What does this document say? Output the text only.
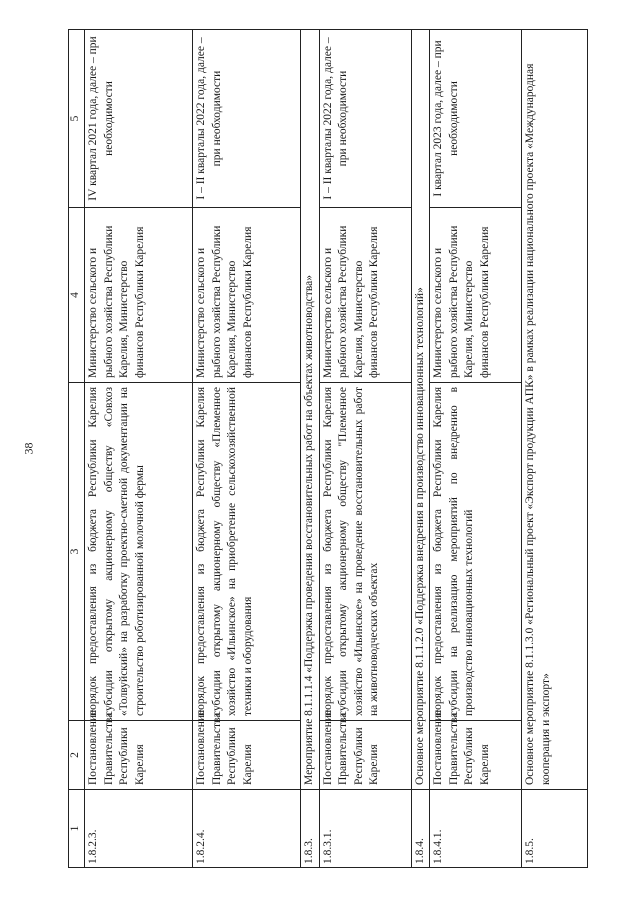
38
1	2	3	4	5
1.8.2.3.	Постановление Правительства Республики Карелия	порядок предоставления из бюджета Республики Карелия субсидии открытому акционерному обществу «Совхоз «Толвуйский» на разработку проектно-сметной документации на строительство роботизированной молочной фермы	Министерство сельского и рыбного хозяйства Республики Карелия, Министерство финансов Республики Карелия	IV квартал 2021 года, далее – при необходимости
1.8.2.4.	Постановление Правительства Республики Карелия	порядок предоставления из бюджета Республики Карелия субсидии открытому акционерному обществу «Племенное хозяйство «Ильинское» на приобретение сельскохозяйственной техники и оборудования	Министерство сельского и рыбного хозяйства Республики Карелия, Министерство финансов Республики Карелия	I – II кварталы 2022 года, далее – при необходимости
1.8.3.	Мероприятие 8.1.1.1.4 «Поддержка проведения восстановительных работ на объектах животноводства»			
1.8.3.1.	Постановление Правительства Республики Карелия	порядок предоставления из бюджета Республики Карелия субсидии открытому акционерному обществу "Племенное хозяйство «Ильинское» на проведение восстановительных работ на животноводческих объектах	Министерство сельского и рыбного хозяйства Республики Карелия, Министерство финансов Республики Карелия	I – II кварталы 2022 года, далее – при необходимости
1.8.4.	Основное мероприятие 8.1.1.2.0 «Поддержка внедрения в производство инновационных технологий»			
1.8.4.1.	Постановление Правительства Республики Карелия	порядок предоставления из бюджета Республики Карелия субсидии на реализацию мероприятий по внедрению в производство инновационных технологий	Министерство сельского и рыбного хозяйства Республики Карелия, Министерство финансов Республики Карелия	I квартал 2023 года, далее – при необходимости
1.8.5.	Основное мероприятие 8.1.1.3.0 «Региональный проект «Экспорт продукции АПК» в рамках реализации национального проекта «Международная кооперация и экспорт»			
